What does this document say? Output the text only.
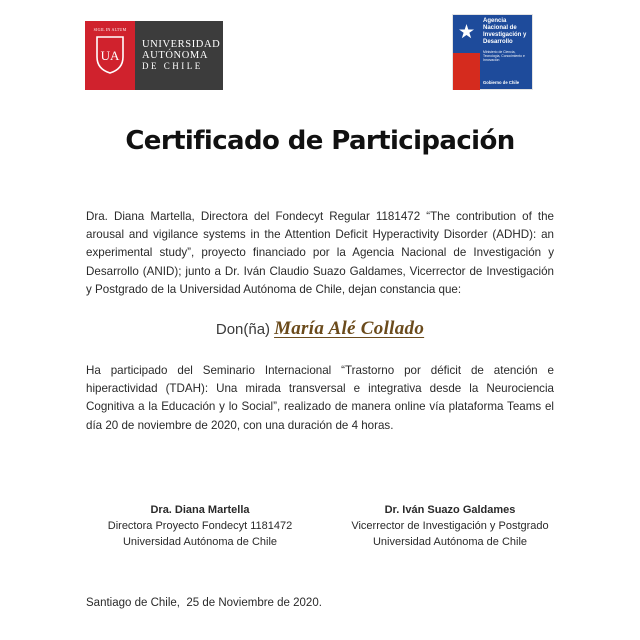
SIGIL IN ALTUM
UA
UNIVERSIDAD
AUTÓNOMA
DE CHILE
Agencia Nacional de Investigación y Desarrollo
Ministerio de Ciencia, Tecnología, Conocimiento e Innovación
Gobierno de Chile
Certificado de Participación

Dra. Diana Martella, Directora del Fondecyt Regular 1181472 “The contribution of the arousal and vigilance systems in the Attention Deficit Hyperactivity Disorder (ADHD): an experimental study”, proyecto financiado por la Agencia Nacional de Investigación y Desarrollo (ANID); junto a Dr. Iván Claudio Suazo Galdames, Vicerrector de Investigación y Postgrado de la Universidad Autónoma de Chile, dejan constancia que:

Don(ña) María Alé Collado

Ha participado del Seminario Internacional “Trastorno por déficit de atención e hiperactividad (TDAH): Una mirada transversal e integrativa desde la Neurociencia Cognitiva a la Educación y lo Social”, realizado de manera online vía plataforma Teams el día 20 de noviembre de 2020, con una duración de 4 horas.

Dra. Diana Martella
Directora Proyecto Fondecyt 1181472
Universidad Autónoma de Chile
Dr. Iván Suazo Galdames
Vicerrector de Investigación y Postgrado
Universidad Autónoma de Chile
Santiago de Chile,  25 de Noviembre de 2020.
